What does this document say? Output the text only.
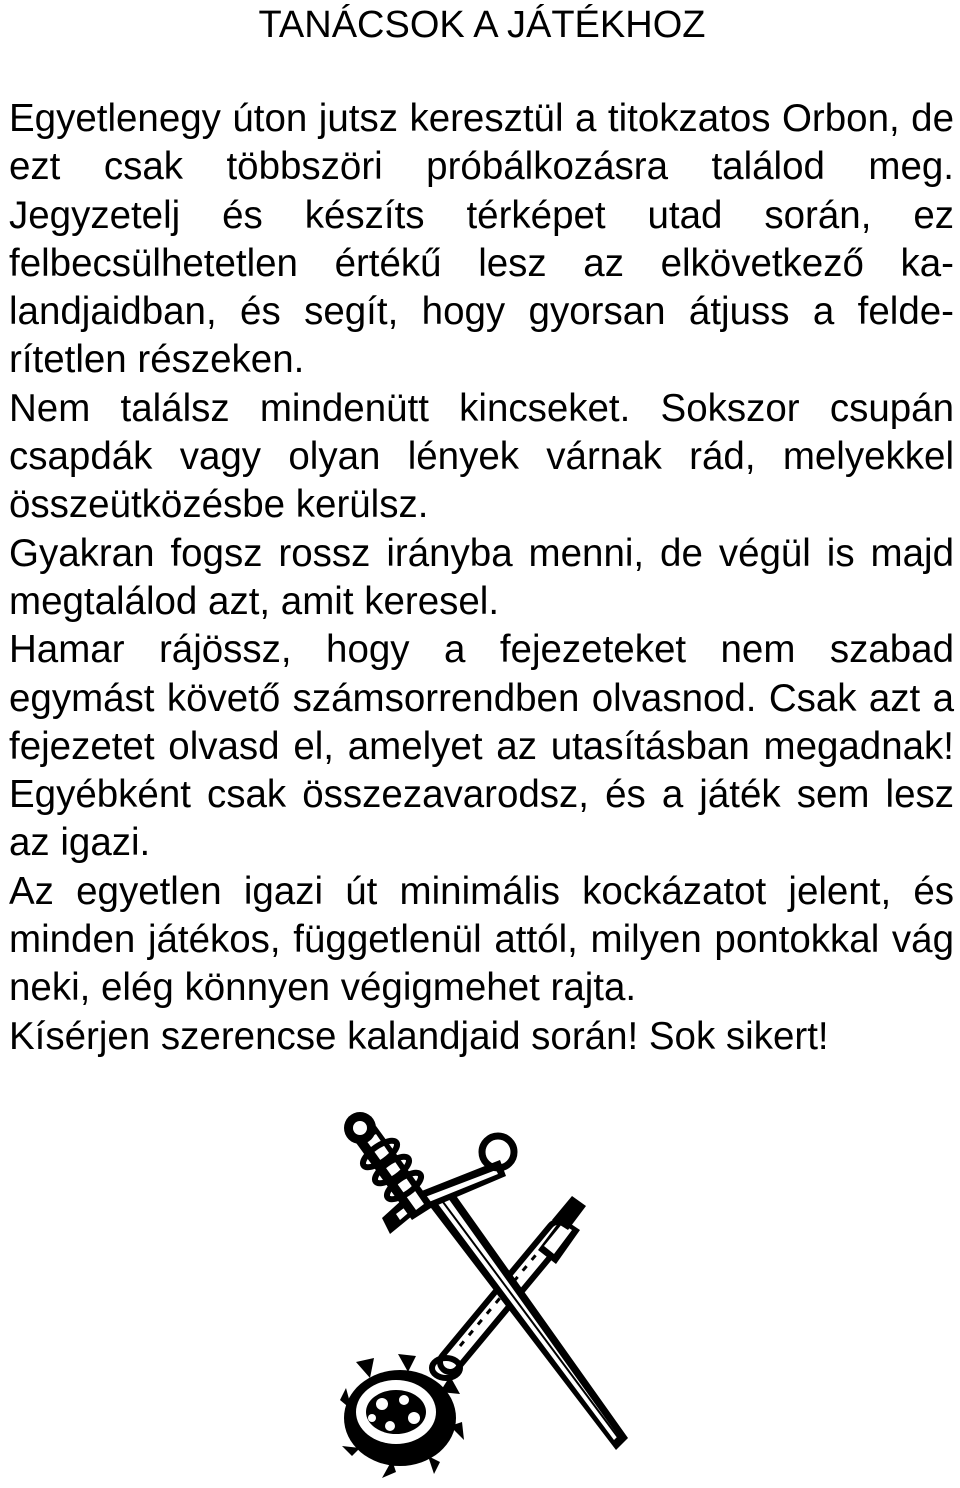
TANÁCSOK A JÁTÉKHOZ

Egyetlenegy úton jutsz keresztül a titokzatos Orbon, de ezt csak többszöri próbálkozásra találod meg. Jegyzetelj és készíts térképet utad során, ez felbecsülhetetlen értékű lesz az elkövetkező kalandjaidban, és segít, hogy gyorsan átjuss a felderítetlen részeken.

Nem találsz mindenütt kincseket. Sokszor csupán csapdák vagy olyan lények várnak rád, melyekkel összeütközésbe kerülsz.

Gyakran fogsz rossz irányba menni, de végül is majd megtalálod azt, amit keresel.

Hamar rájössz, hogy a fejezeteket nem szabad egymást követő számsorrendben olvasnod. Csak azt a fejezetet olvasd el, amelyet az utasításban megadnak! Egyébként csak összezavarodsz, és a játék sem lesz az igazi.

Az egyetlen igazi út minimális kockázatot jelent, és minden játékos, függetlenül attól, milyen pontokkal vág neki, elég könnyen végigmehet rajta.

Kísérjen szerencse kalandjaid során! Sok sikert!
